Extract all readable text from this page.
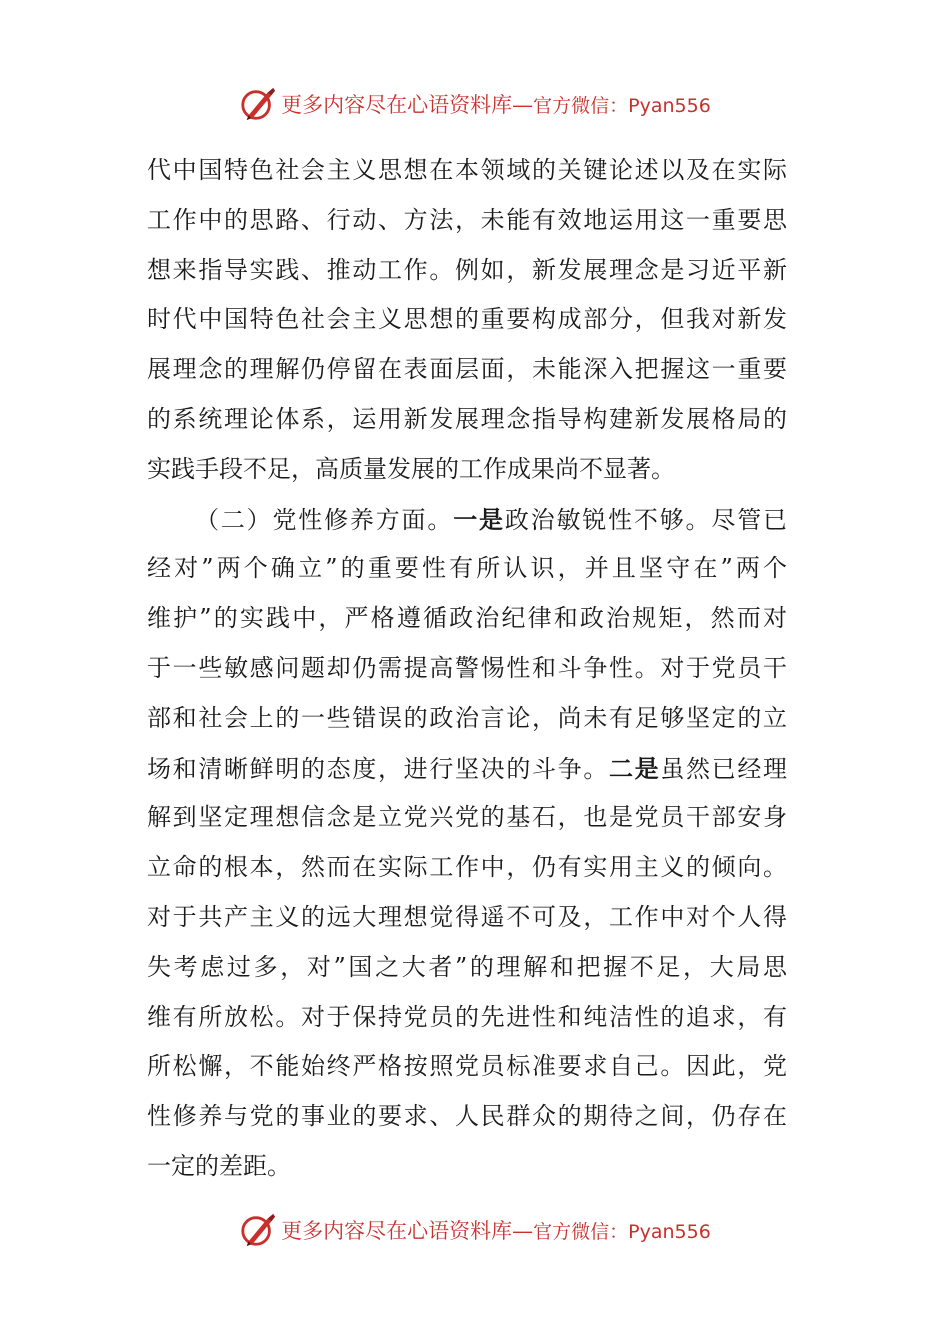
更多内容尽在心语资料库—官方微信：Pyan556
代中国特色社会主义思想在本领域的关键论述以及在实际
工作中的思路、行动、方法，未能有效地运用这一重要思
想来指导实践、推动工作。例如，新发展理念是习近平新
时代中国特色社会主义思想的重要构成部分，但我对新发
展理念的理解仍停留在表面层面，未能深入把握这一重要
的系统理论体系，运用新发展理念指导构建新发展格局的
实践手段不足，高质量发展的工作成果尚不显著。
（二）党性修养方面。一是政治敏锐性不够。尽管已
经对”两个确立”的重要性有所认识，并且坚守在”两个
维护”的实践中，严格遵循政治纪律和政治规矩，然而对
于一些敏感问题却仍需提高警惕性和斗争性。对于党员干
部和社会上的一些错误的政治言论，尚未有足够坚定的立
场和清晰鲜明的态度，进行坚决的斗争。二是虽然已经理
解到坚定理想信念是立党兴党的基石，也是党员干部安身
立命的根本，然而在实际工作中，仍有实用主义的倾向。
对于共产主义的远大理想觉得遥不可及，工作中对个人得
失考虑过多，对”国之大者”的理解和把握不足，大局思
维有所放松。对于保持党员的先进性和纯洁性的追求，有
所松懈，不能始终严格按照党员标准要求自己。因此，党
性修养与党的事业的要求、人民群众的期待之间，仍存在
一定的差距。
更多内容尽在心语资料库—官方微信：Pyan556
